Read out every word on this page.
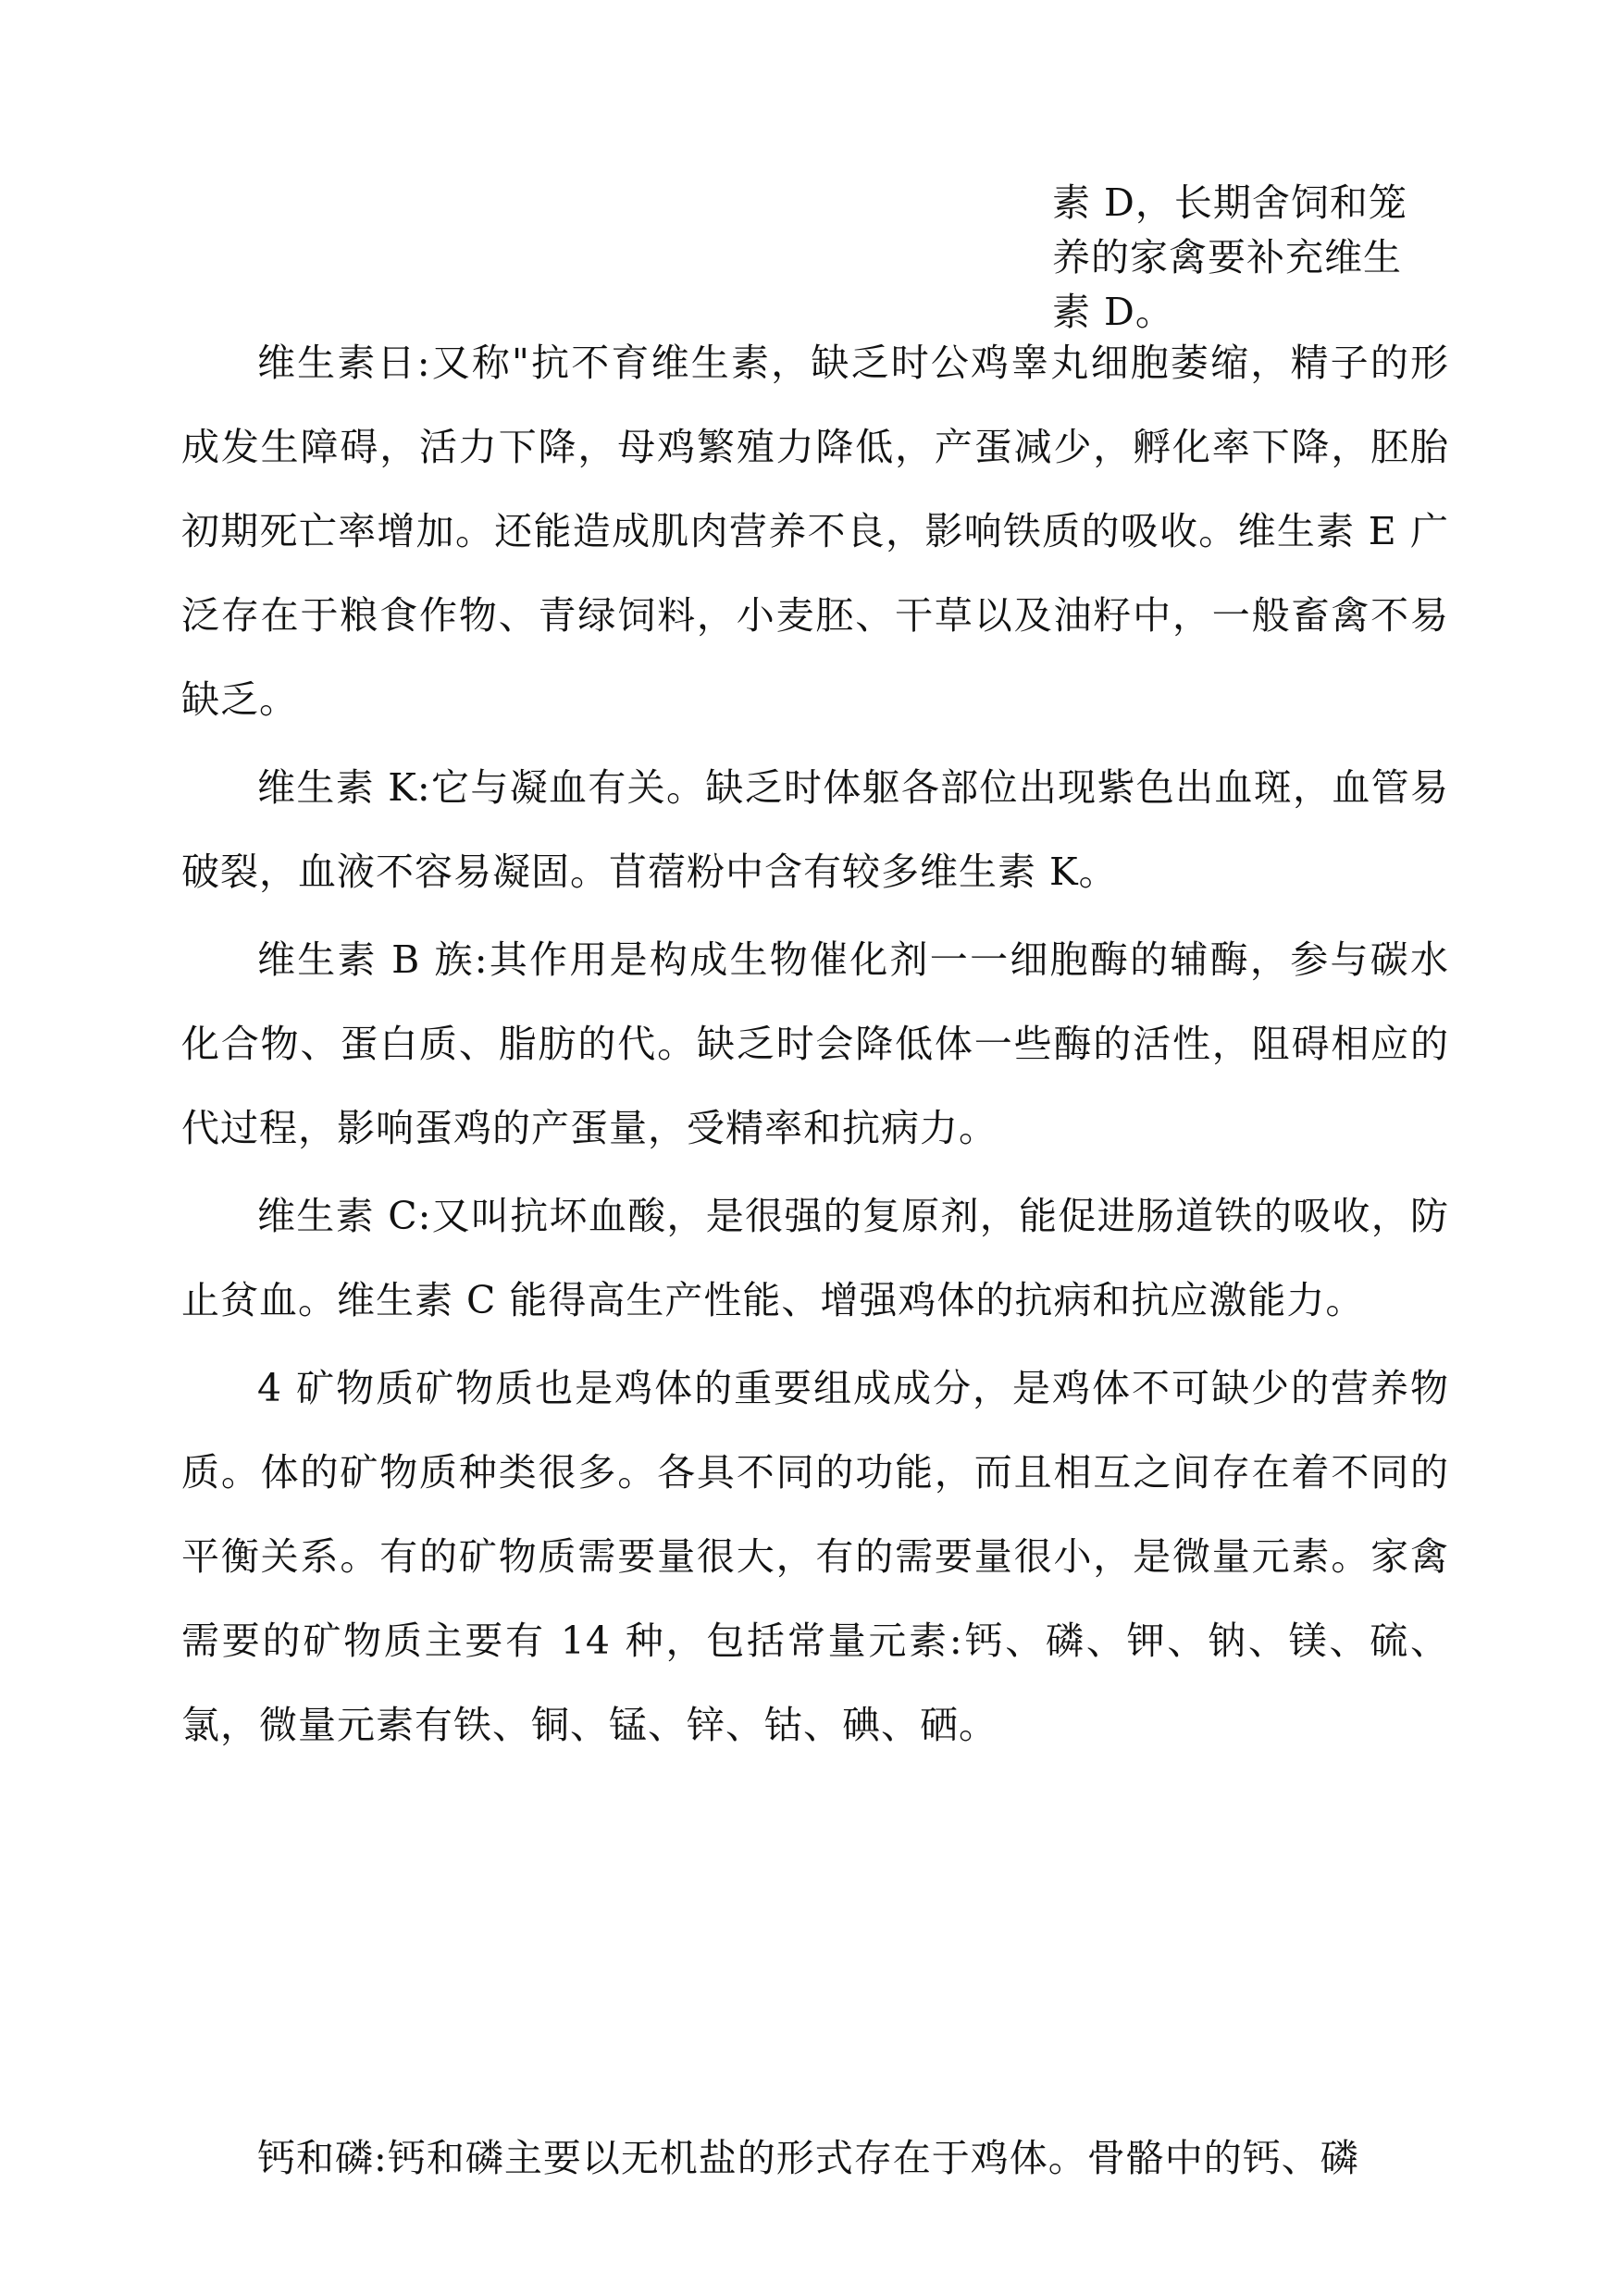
素 D，长期舍饲和笼
养的家禽要补充维生
素 D。

维生素日:又称"抗不育维生素，缺乏时公鸡睾丸细胞萎缩，精子的形成发生障碍，活力下降，母鸡繁殖力降低，产蛋减少，孵化率下降，胚胎初期死亡率增加。还能造成肌肉营养不良，影响铁质的吸收。维生素 E 广泛存在于粮食作物、青绿饲料，小麦胚、干草以及油籽中，一般畜禽不易缺乏。

维生素 K:它与凝血有关。缺乏时体躯各部位出现紫色出血斑，血管易破裂，血液不容易凝固。苜蓿粉中含有较多维生素 K。

维生素 B 族:其作用是构成生物催化剂一一细胞酶的辅酶，参与碳水化合物、蛋白质、脂肪的代。缺乏时会降低体一些酶的活性，阻碍相应的代过程，影响蛋鸡的产蛋量，受精率和抗病力。

维生素 C:又叫抗坏血酸，是很强的复原剂，能促进肠道铁的吸收，防止贫血。维生素 C 能得高生产性能、增强鸡体的抗病和抗应激能力。

4 矿物质矿物质也是鸡体的重要组成成分，是鸡体不可缺少的营养物质。体的矿物质种类很多。各具不同的功能，而且相互之间存在着不同的平衡关系。有的矿物质需要量很大，有的需要量很小，是微量元素。家禽需要的矿物质主要有 14 种，包括常量元素:钙、磷、钾、钠、镁、硫、氯，微量元素有铁、铜、锰、锌、钴、碘、硒。

钙和磷:钙和磷主要以无机盐的形式存在于鸡体。骨骼中的钙、磷
